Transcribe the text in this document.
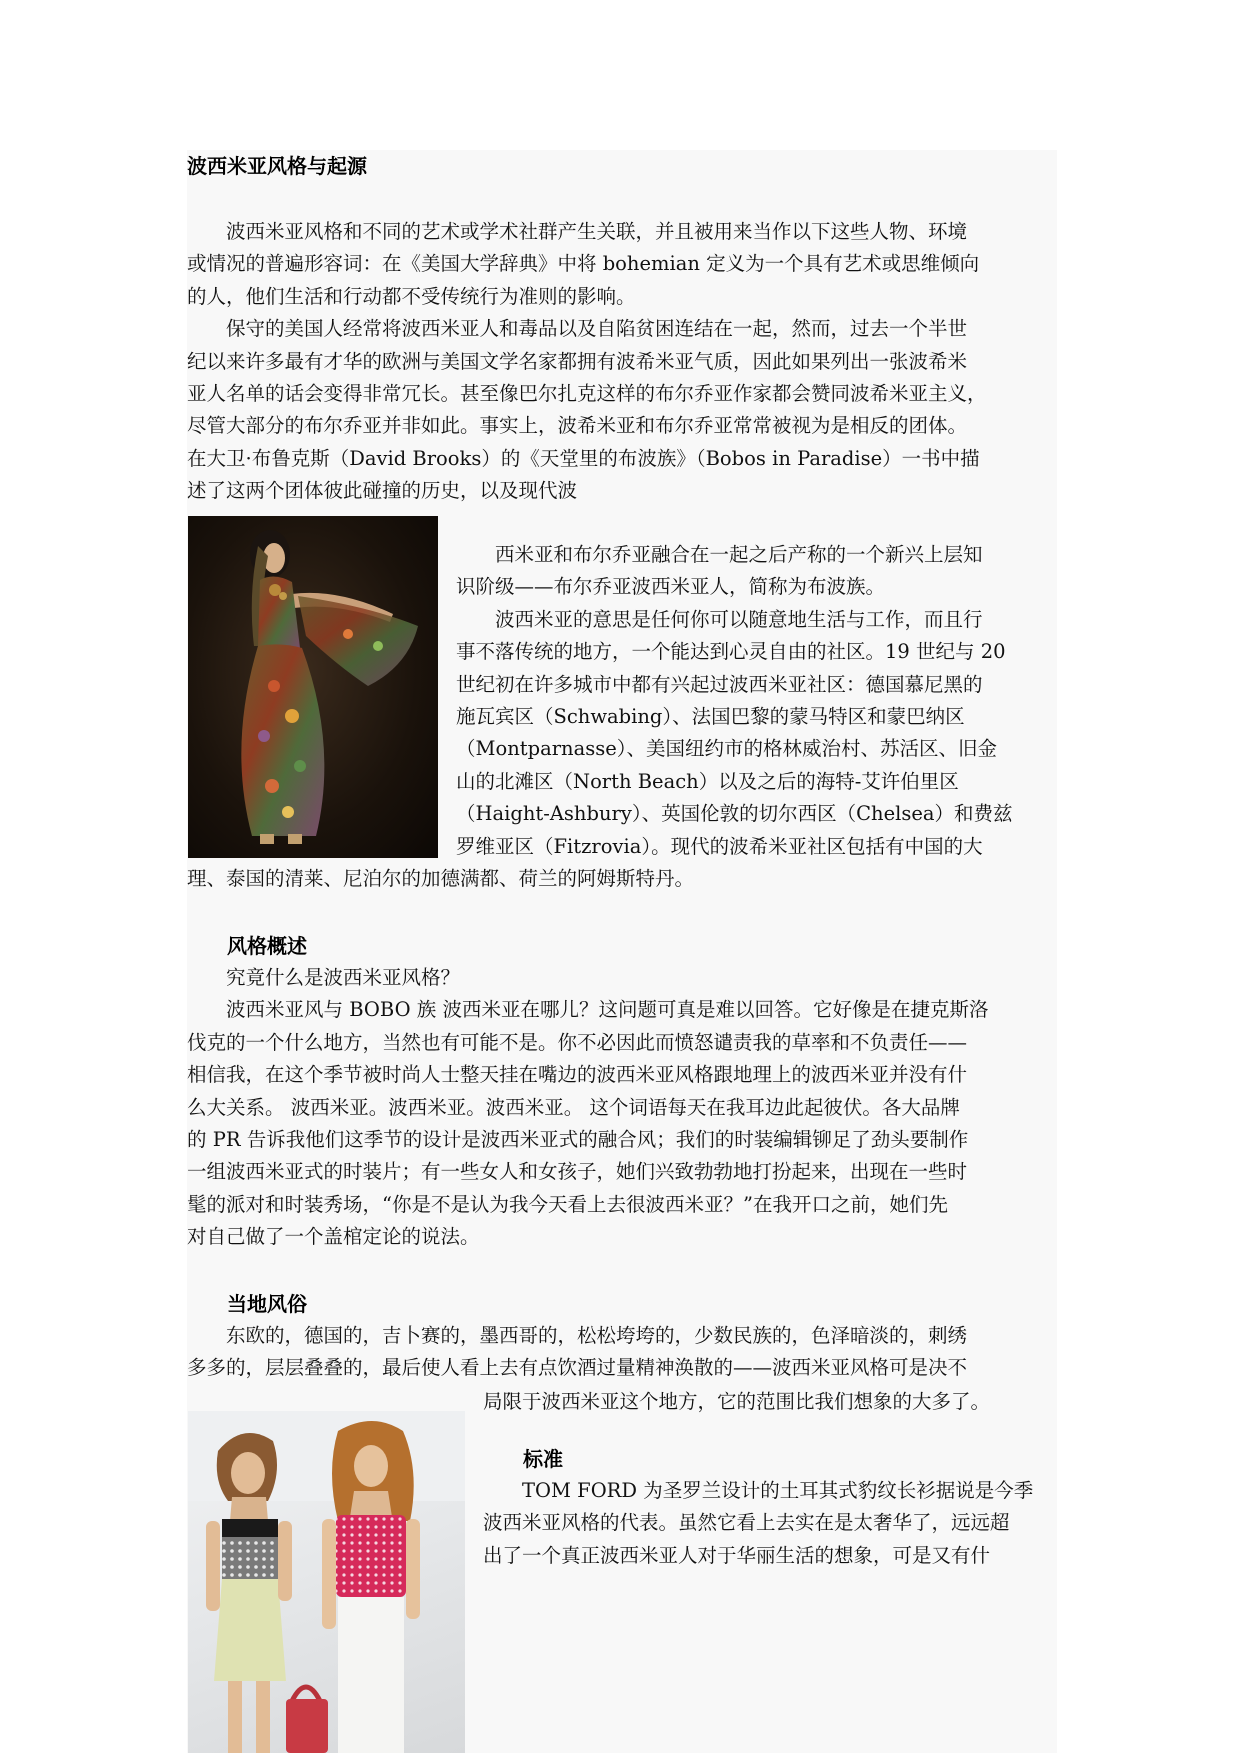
波西米亚风格与起源

波西米亚风格和不同的艺术或学术社群产生关联，并且被用来当作以下这些人物、环境

或情况的普遍形容词：在《美国大学辞典》中将 bohemian 定义为一个具有艺术或思维倾向

的人，他们生活和行动都不受传统行为准则的影响。

保守的美国人经常将波西米亚人和毒品以及自陷贫困连结在一起，然而，过去一个半世

纪以来许多最有才华的欧洲与美国文学名家都拥有波希米亚气质，因此如果列出一张波希米

亚人名单的话会变得非常冗长。甚至像巴尔扎克这样的布尔乔亚作家都会赞同波希米亚主义，

尽管大部分的布尔乔亚并非如此。事实上，波希米亚和布尔乔亚常常被视为是相反的团体。

在大卫·布鲁克斯（David Brooks）的《天堂里的布波族》（Bobos in Paradise）一书中描

述了这两个团体彼此碰撞的历史，以及现代波

西米亚和布尔乔亚融合在一起之后产称的一个新兴上层知

识阶级——布尔乔亚波西米亚人，简称为布波族。

波西米亚的意思是任何你可以随意地生活与工作，而且行

事不落传统的地方，一个能达到心灵自由的社区。19 世纪与 20

世纪初在许多城市中都有兴起过波西米亚社区：德国慕尼黑的

施瓦宾区（Schwabing）、法国巴黎的蒙马特区和蒙巴纳区

（Montparnasse）、美国纽约市的格林威治村、苏活区、旧金

山的北滩区（North Beach）以及之后的海特-艾许伯里区

（Haight-Ashbury）、英国伦敦的切尔西区（Chelsea）和费兹

罗维亚区（Fitzrovia）。现代的波希米亚社区包括有中国的大

理、泰国的清莱、尼泊尔的加德满都、荷兰的阿姆斯特丹。

风格概述

究竟什么是波西米亚风格？

波西米亚风与 BOBO 族 波西米亚在哪儿？这问题可真是难以回答。它好像是在捷克斯洛

伐克的一个什么地方，当然也有可能不是。你不必因此而愤怒谴责我的草率和不负责任——

相信我，在这个季节被时尚人士整天挂在嘴边的波西米亚风格跟地理上的波西米亚并没有什

么大关系。 波西米亚。波西米亚。波西米亚。 这个词语每天在我耳边此起彼伏。各大品牌

的 PR 告诉我他们这季节的设计是波西米亚式的融合风；我们的时装编辑铆足了劲头要制作

一组波西米亚式的时装片；有一些女人和女孩子，她们兴致勃勃地打扮起来，出现在一些时

髦的派对和时装秀场，“你是不是认为我今天看上去很波西米亚？”在我开口之前，她们先

对自己做了一个盖棺定论的说法。

当地风俗

东欧的，德国的，吉卜赛的，墨西哥的，松松垮垮的，少数民族的，色泽暗淡的，刺绣

多多的，层层叠叠的，最后使人看上去有点饮酒过量精神涣散的——波西米亚风格可是决不

局限于波西米亚这个地方，它的范围比我们想象的大多了。

标准

TOM FORD 为圣罗兰设计的土耳其式豹纹长衫据说是今季

波西米亚风格的代表。虽然它看上去实在是太奢华了，远远超

出了一个真正波西米亚人对于华丽生活的想象，可是又有什
